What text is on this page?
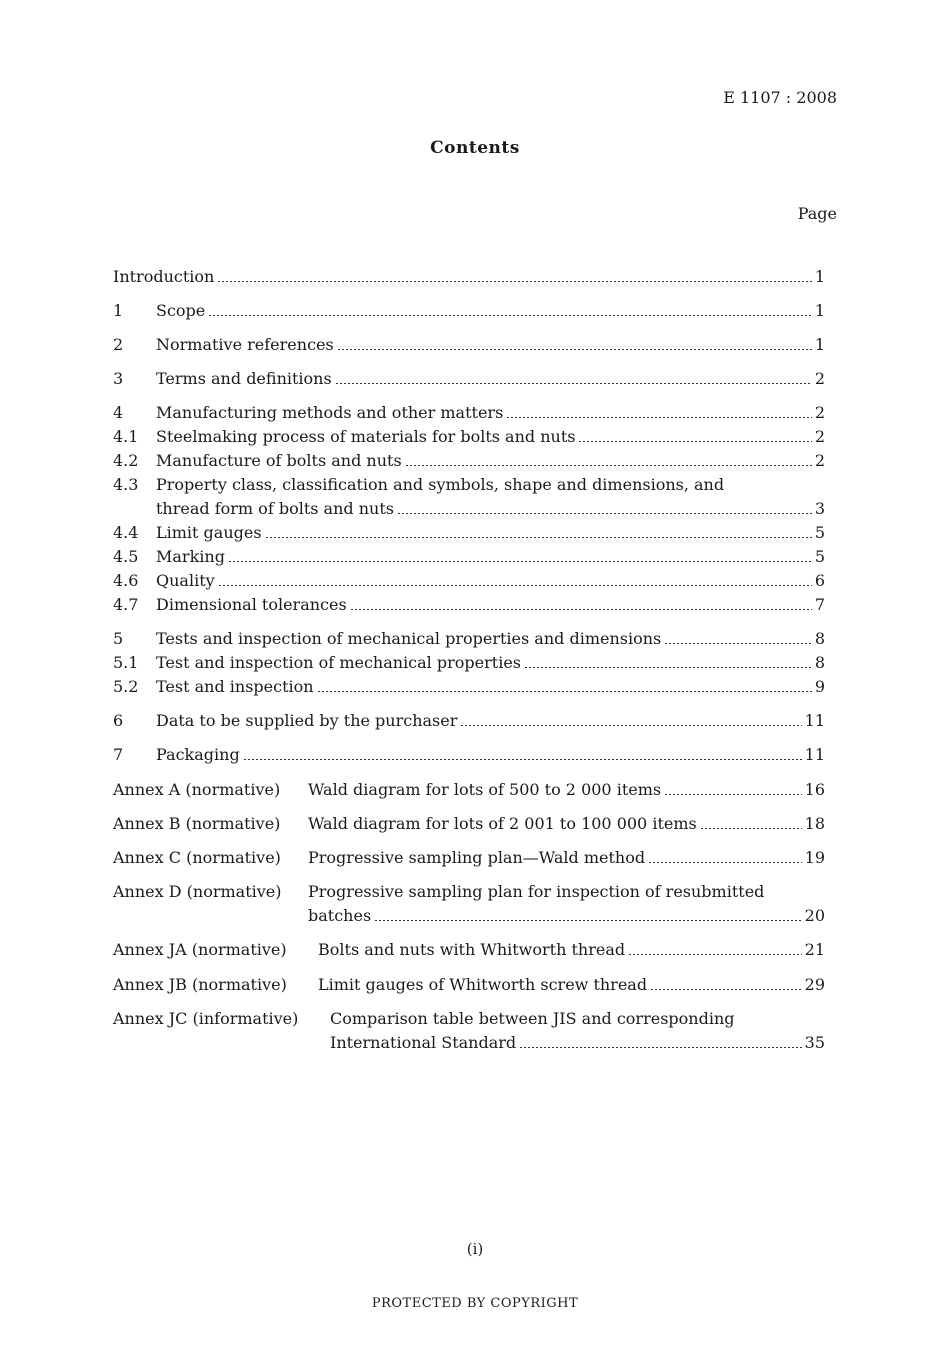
E 1107 : 2008
Contents
Page
Introduction	1
1	Scope	1
2	Normative references	1
3	Terms and definitions	2
4	Manufacturing methods and other matters	2
4.1	Steelmaking process of materials for bolts and nuts	2
4.2	Manufacture of bolts and nuts	2
4.3 Property class, classification and symbols, shape and dimensions, and
thread form of bolts and nuts	3
4.4	Limit gauges	5
4.5	Marking	5
4.6	Quality	6
4.7	Dimensional tolerances	7
5	Tests and inspection of mechanical properties and dimensions	8
5.1	Test and inspection of mechanical properties	8
5.2	Test and inspection	9
6	Data to be supplied by the purchaser	11
7	Packaging	11
Annex A (normative)	Wald diagram for lots of 500 to 2 000 items	16
Annex B (normative)	Wald diagram for lots of 2 001 to 100 000 items	18
Annex C (normative)	Progressive sampling plan—Wald method	19
Annex D (normative) Progressive sampling plan for inspection of resubmitted
batches	20
Annex JA (normative)	Bolts and nuts with Whitworth thread	21
Annex JB (normative)	Limit gauges of Whitworth screw thread	29
Annex JC (informative) Comparison table between JIS and corresponding
International Standard	35
(i)
PROTECTED BY COPYRIGHT
